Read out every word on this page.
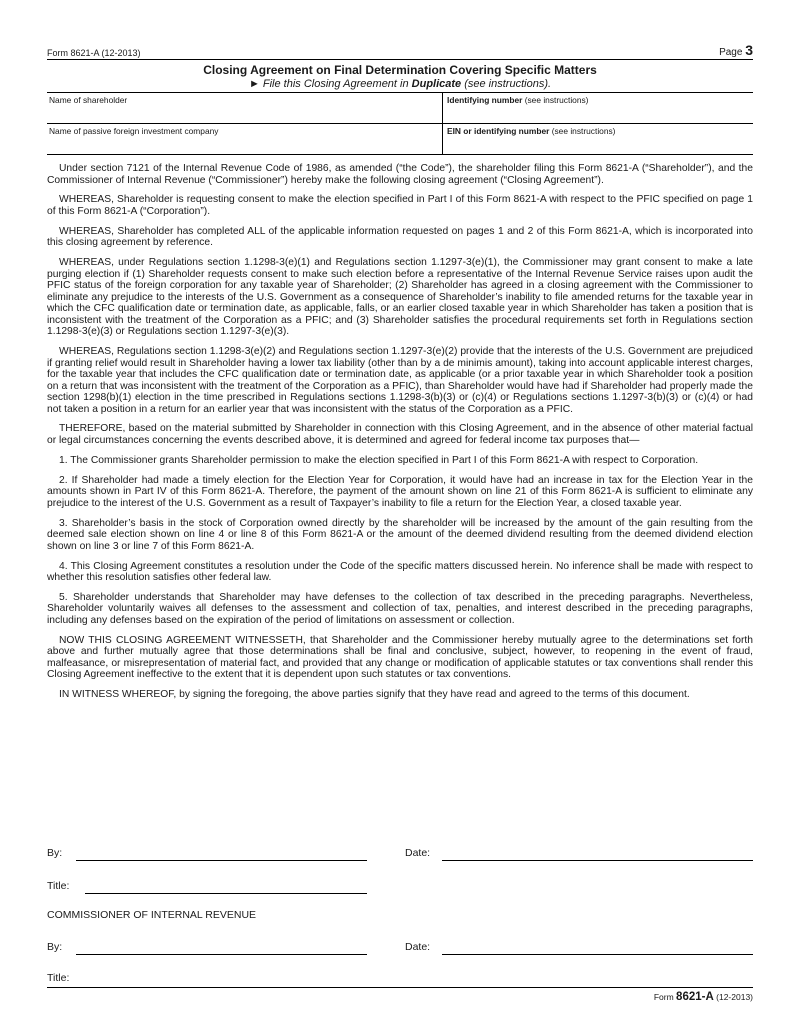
Form 8621-A (12-2013)	Page 3
Closing Agreement on Final Determination Covering Specific Matters
► File this Closing Agreement in Duplicate (see instructions).
Name of shareholder	Identifying number (see instructions)
Name of passive foreign investment company	EIN or identifying number (see instructions)

Under section 7121 of the Internal Revenue Code of 1986, as amended (“the Code”), the shareholder filing this Form 8621-A (“Shareholder”), and the Commissioner of Internal Revenue (“Commissioner”) hereby make the following closing agreement (“Closing Agreement”).

WHEREAS, Shareholder is requesting consent to make the election specified in Part I of this Form 8621-A with respect to the PFIC specified on page 1 of this Form 8621-A (“Corporation”).

WHEREAS, Shareholder has completed ALL of the applicable information requested on pages 1 and 2 of this Form 8621-A, which is incorporated into this closing agreement by reference.

WHEREAS, under Regulations section 1.1298-3(e)(1) and Regulations section 1.1297-3(e)(1), the Commissioner may grant consent to make a late purging election if (1) Shareholder requests consent to make such election before a representative of the Internal Revenue Service raises upon audit the PFIC status of the foreign corporation for any taxable year of Shareholder; (2) Shareholder has agreed in a closing agreement with the Commissioner to eliminate any prejudice to the interests of the U.S. Government as a consequence of Shareholder’s inability to file amended returns for the taxable year in which the CFC qualification date or termination date, as applicable, falls, or an earlier closed taxable year in which Shareholder has taken a position that is inconsistent with the treatment of the Corporation as a PFIC; and (3) Shareholder satisfies the procedural requirements set forth in Regulations section 1.1298-3(e)(3) or Regulations section 1.1297-3(e)(3).

WHEREAS, Regulations section 1.1298-3(e)(2) and Regulations section 1.1297-3(e)(2) provide that the interests of the U.S. Government are prejudiced if granting relief would result in Shareholder having a lower tax liability (other than by a de minimis amount), taking into account applicable interest charges, for the taxable year that includes the CFC qualification date or termination date, as applicable (or a prior taxable year in which Shareholder took a position on a return that was inconsistent with the treatment of the Corporation as a PFIC), than Shareholder would have had if Shareholder had properly made the section 1298(b)(1) election in the time prescribed in Regulations sections 1.1298-3(b)(3) or (c)(4) or Regulations sections 1.1297-3(b)(3) or (c)(4) or had not taken a position in a return for an earlier year that was inconsistent with the status of the Corporation as a PFIC.

THEREFORE, based on the material submitted by Shareholder in connection with this Closing Agreement, and in the absence of other material factual or legal circumstances concerning the events described above, it is determined and agreed for federal income tax purposes that—

1. The Commissioner grants Shareholder permission to make the election specified in Part I of this Form 8621-A with respect to Corporation.

2. If Shareholder had made a timely election for the Election Year for Corporation, it would have had an increase in tax for the Election Year in the amounts shown in Part IV of this Form 8621-A. Therefore, the payment of the amount shown on line 21 of this Form 8621-A is sufficient to eliminate any prejudice to the interest of the U.S. Government as a result of Taxpayer’s inability to file a return for the Election Year, a closed taxable year.

3. Shareholder’s basis in the stock of Corporation owned directly by the shareholder will be increased by the amount of the gain resulting from the deemed sale election shown on line 4 or line 8 of this Form 8621-A or the amount of the deemed dividend resulting from the deemed dividend election shown on line 3 or line 7 of this Form 8621-A.

4. This Closing Agreement constitutes a resolution under the Code of the specific matters discussed herein. No inference shall be made with respect to whether this resolution satisfies other federal law.

5. Shareholder understands that Shareholder may have defenses to the collection of tax described in the preceding paragraphs. Nevertheless, Shareholder voluntarily waives all defenses to the assessment and collection of tax, penalties, and interest described in the preceding paragraphs, including any defenses based on the expiration of the period of limitations on assessment or collection.

NOW THIS CLOSING AGREEMENT WITNESSETH, that Shareholder and the Commissioner hereby mutually agree to the determinations set forth above and further mutually agree that those determinations shall be final and conclusive, subject, however, to reopening in the event of fraud, malfeasance, or misrepresentation of material fact, and provided that any change or modification of applicable statutes or tax conventions shall render this Closing Agreement ineffective to the extent that it is dependent upon such statutes or tax conventions.

IN WITNESS WHEREOF, by signing the foregoing, the above parties signify that they have read and agreed to the terms of this document.

By:	Date:
Title:
COMMISSIONER OF INTERNAL REVENUE
By:	Date:
Title:
Form 8621-A (12-2013)
